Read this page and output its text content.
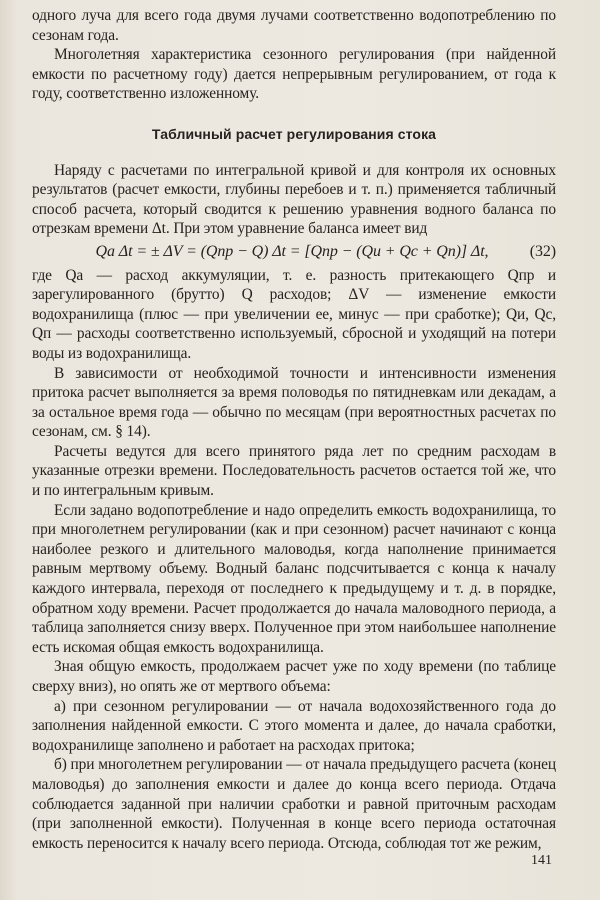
одного луча для всего года двумя лучами соответственно водопотреблению по сезонам года.

Многолетняя характеристика сезонного регулирования (при найденной емкости по расчетному году) дается непрерывным регулированием, от года к году, соответственно изложенному.

Табличный расчет регулирования стока

Наряду с расчетами по интегральной кривой и для контроля их основных результатов (расчет емкости, глубины перебоев и т. п.) применяется табличный способ расчета, который сводится к решению уравнения водного баланса по отрезкам времени Δt. При этом уравнение баланса имеет вид

Qa Δt = ± ΔV = (Qпр − Q) Δt = [Qпр − (Qи + Qс + Qп)] Δt,	(32)

где Qa — расход аккумуляции, т. е. разность притекающего Qпр и зарегулированного (брутто) Q расходов; ΔV — изменение емкости водохранилища (плюс — при увеличении ее, минус — при сработке); Qи, Qс, Qп — расходы соответственно используемый, сбросной и уходящий на потери воды из водохранилища.

В зависимости от необходимой точности и интенсивности изменения притока расчет выполняется за время половодья по пятидневкам или декадам, а за остальное время года — обычно по месяцам (при вероятностных расчетах по сезонам, см. § 14).

Расчеты ведутся для всего принятого ряда лет по средним расходам в указанные отрезки времени. Последовательность расчетов остается той же, что и по интегральным кривым.

Если задано водопотребление и надо определить емкость водохранилища, то при многолетнем регулировании (как и при сезонном) расчет начинают с конца наиболее резкого и длительного маловодья, когда наполнение принимается равным мертвому объему. Водный баланс подсчитывается с конца к началу каждого интервала, переходя от последнего к предыдущему и т. д. в порядке, обратном ходу времени. Расчет продолжается до начала маловодного периода, а таблица заполняется снизу вверх. Полученное при этом наибольшее наполнение есть искомая общая емкость водохранилища.

Зная общую емкость, продолжаем расчет уже по ходу времени (по таблице сверху вниз), но опять же от мертвого объема:

а) при сезонном регулировании — от начала водохозяйственного года до заполнения найденной емкости. С этого момента и далее, до начала сработки, водохранилище заполнено и работает на расходах притока;

б) при многолетнем регулировании — от начала предыдущего расчета (конец маловодья) до заполнения емкости и далее до конца всего периода. Отдача соблюдается заданной при наличии сработки и равной приточным расходам (при заполненной емкости). Полученная в конце всего периода остаточная емкость переносится к началу всего периода. Отсюда, соблюдая тот же режим,

141
